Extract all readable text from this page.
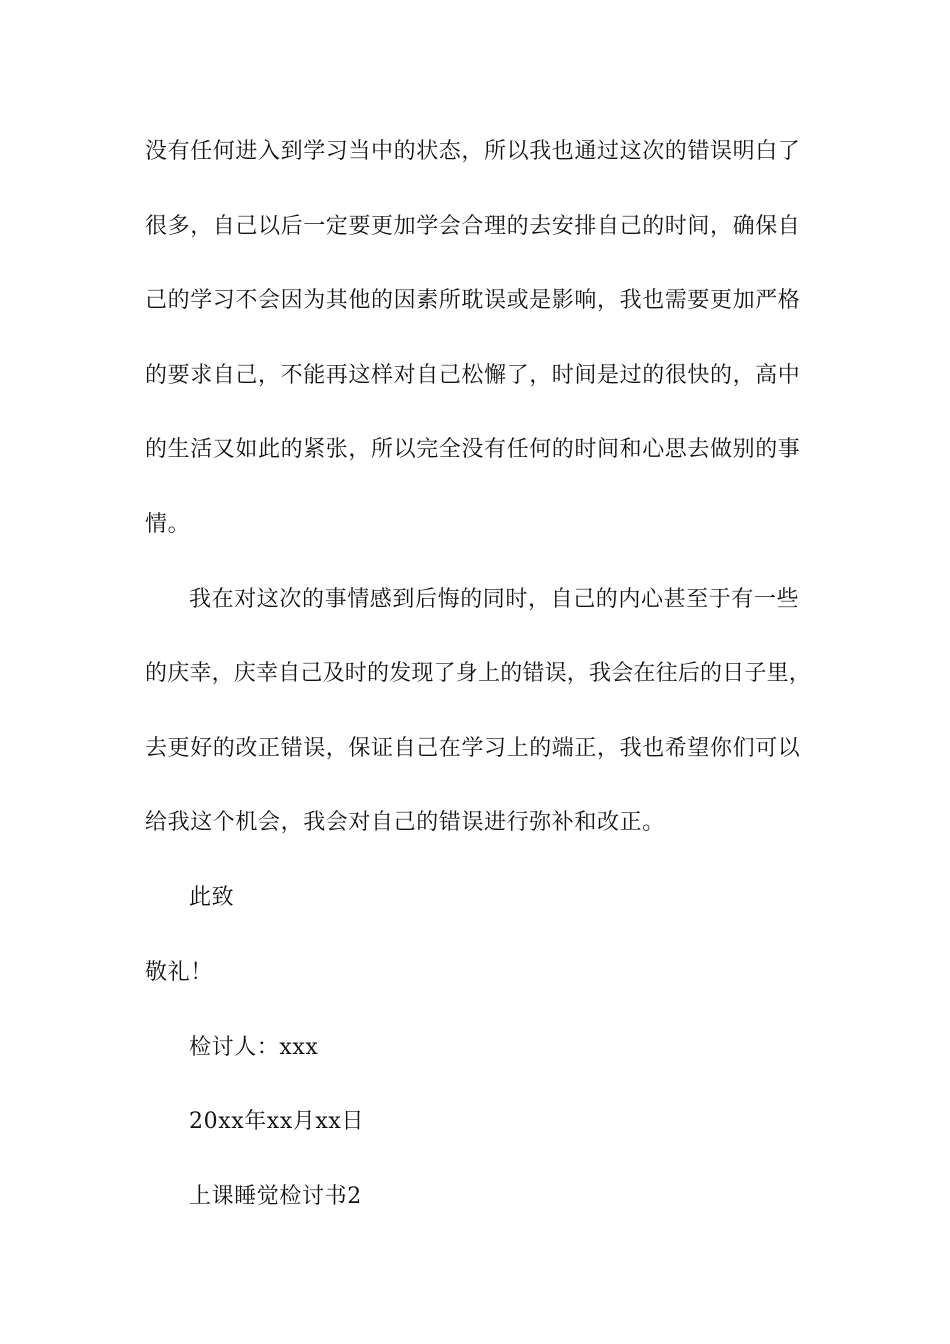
没有任何进入到学习当中的状态，所以我也通过这次的错误明白了
很多，自己以后一定要更加学会合理的去安排自己的时间，确保自
己的学习不会因为其他的因素所耽误或是影响，我也需要更加严格
的要求自己，不能再这样对自己松懈了，时间是过的很快的，高中
的生活又如此的紧张，所以完全没有任何的时间和心思去做别的事
情。
我在对这次的事情感到后悔的同时，自己的内心甚至于有一些
的庆幸，庆幸自己及时的发现了身上的错误，我会在往后的日子里，
去更好的改正错误，保证自己在学习上的端正，我也希望你们可以
给我这个机会，我会对自己的错误进行弥补和改正。
此致
敬礼！
检讨人：xxx
20xx年xx月xx日
上课睡觉检讨书2
